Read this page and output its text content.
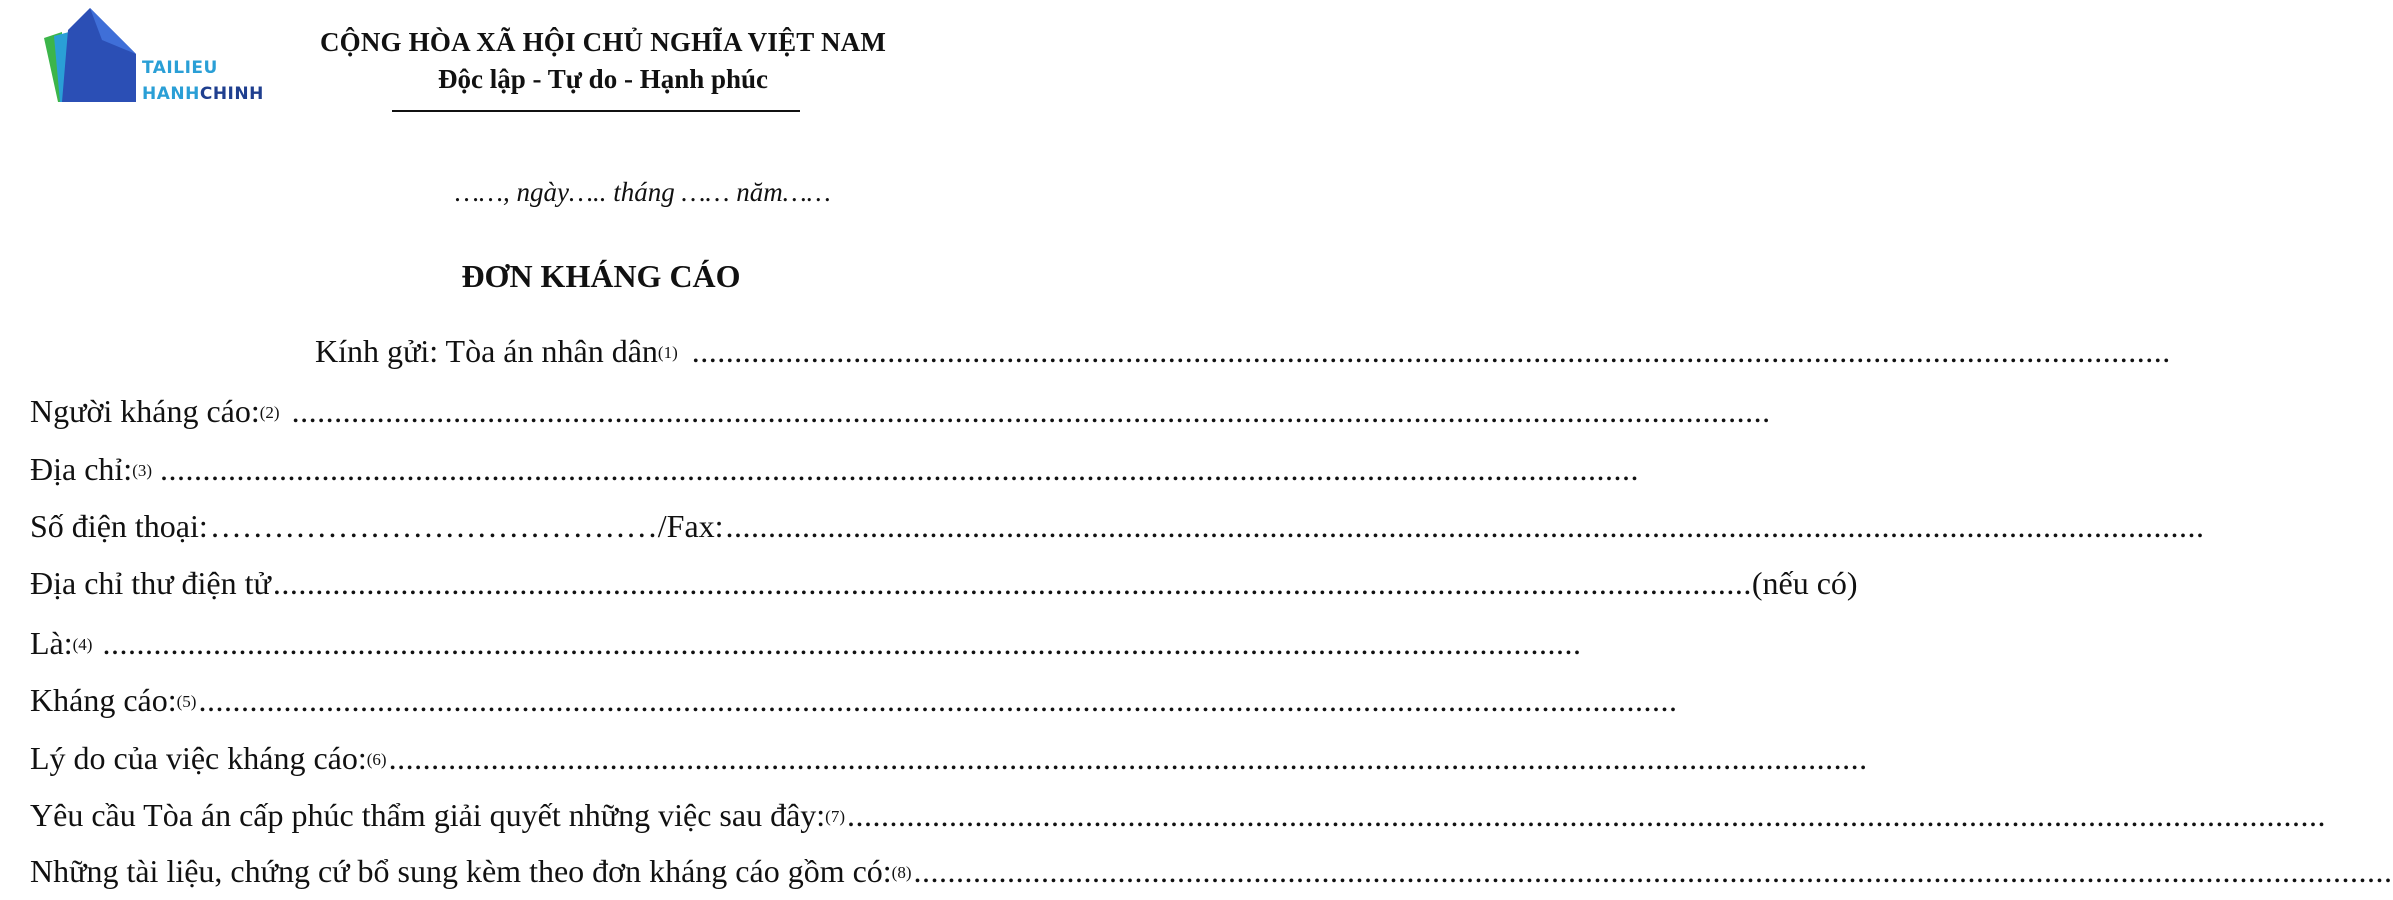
TAILIEU
HANHCHINH
CỘNG HÒA XÃ HỘI CHỦ NGHĨA VIỆT NAM
Độc lập - Tự do - Hạnh phúc
……, ngày….. tháng …… năm……
ĐƠN KHÁNG CÁO
Kính gửi: Tòa án nhân dân$^{(1)}$ ..............................................................................................................................................................................
Người kháng cáo:$^{(2)}$ ..............................................................................................................................................................................
Địa chỉ:$^{(3)}$ ..............................................................................................................................................................................
Số điện thoại: …………………………………… /Fax: ..............................................................................................................................................................................
Địa chỉ thư điện tử .............................................................................................................................................................................. (nếu có)
Là:$^{(4)}$ ..............................................................................................................................................................................
Kháng cáo:$^{(5)}$ ..............................................................................................................................................................................
Lý do của việc kháng cáo:$^{(6)}$ ..............................................................................................................................................................................
Yêu cầu Tòa án cấp phúc thẩm giải quyết những việc sau đây:$^{(7)}$ ..............................................................................................................................................................................
Những tài liệu, chứng cứ bổ sung kèm theo đơn kháng cáo gồm có:$^{(8)}$ ..............................................................................................................................................................................
